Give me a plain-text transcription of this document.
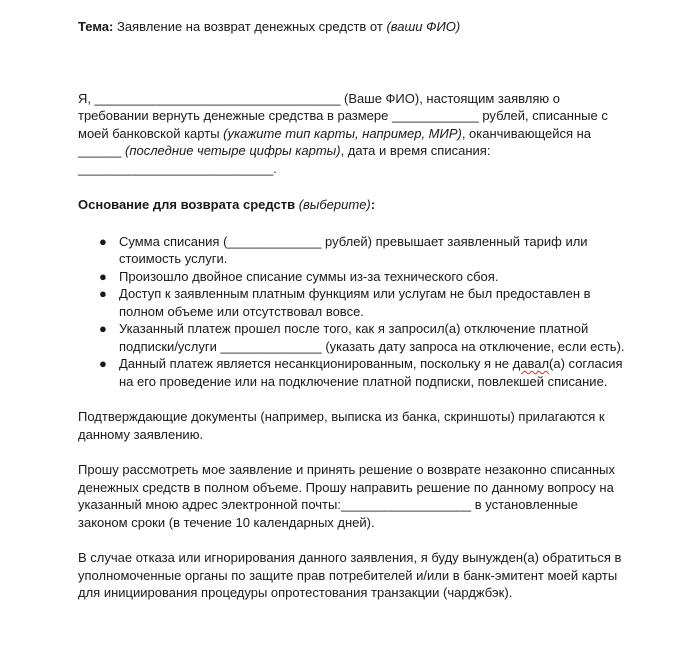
Тема: Заявление на возврат денежных средств от (ваши ФИО)

Я, __________________________________ (Ваше ФИО), настоящим заявляю о требовании вернуть денежные средства в размере ____________ рублей, списанные с моей банковской карты (укажите тип карты, например, МИР), оканчивающейся на ______ (последние четыре цифры карты), дата и время списания: ___________________________.

Основание для возврата средств (выберите):

● Сумма списания (_____________ рублей) превышает заявленный тариф или стоимость услуги.
● Произошло двойное списание суммы из-за технического сбоя.
● Доступ к заявленным платным функциям или услугам не был предоставлен в полном объеме или отсутствовал вовсе.
● Указанный платеж прошел после того, как я запросил(а) отключение платной подписки/услуги ______________ (указать дату запроса на отключение, если есть).
● Данный платеж является несанкционированным, поскольку я не давал(а) согласия на его проведение или на подключение платной подписки, повлекшей списание.

Подтверждающие документы (например, выписка из банка, скриншоты) прилагаются к данному заявлению.

Прошу рассмотреть мое заявление и принять решение о возврате незаконно списанных денежных средств в полном объеме. Прошу направить решение по данному вопросу на указанный мною адрес электронной почты:__________________ в установленные законом сроки (в течение 10 календарных дней).

В случае отказа или игнорирования данного заявления, я буду вынужден(а) обратиться в уполномоченные органы по защите прав потребителей и/или в банк-эмитент моей карты для инициирования процедуры опротестования транзакции (чарджбэк).
